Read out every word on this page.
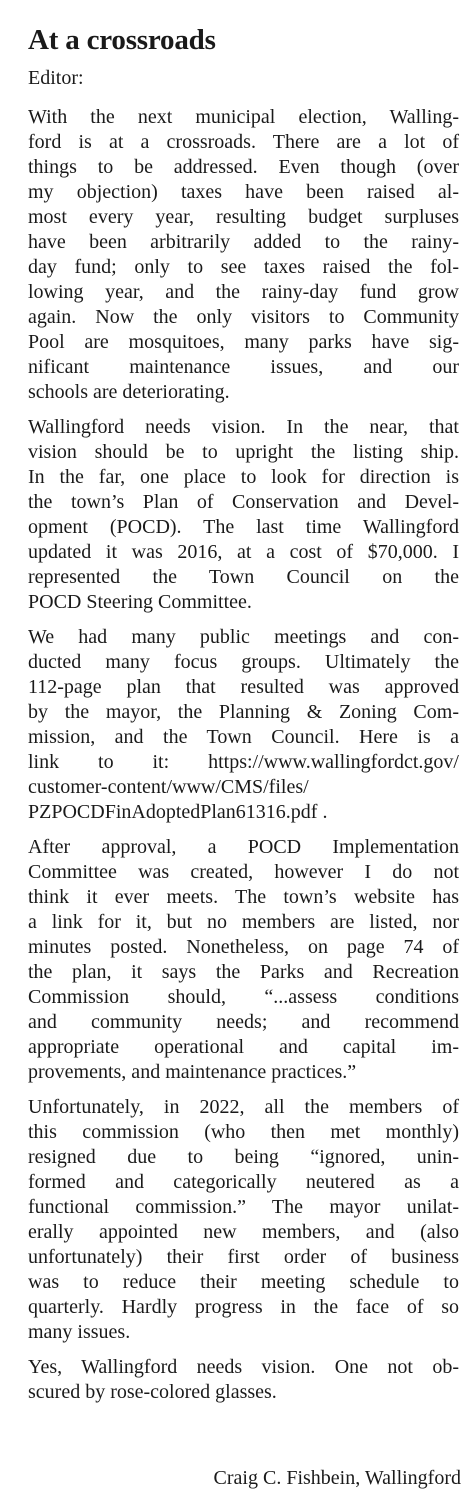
At a crossroads
Editor:
With the next municipal election, Walling-
ford is at a crossroads. There are a lot of
things to be addressed. Even though (over
my objection) taxes have been raised al-
most every year, resulting budget surpluses
have been arbitrarily added to the rainy-
day fund; only to see taxes raised the fol-
lowing year, and the rainy-day fund grow
again. Now the only visitors to Community
Pool are mosquitoes, many parks have sig-
nificant maintenance issues, and our
schools are deteriorating.
Wallingford needs vision. In the near, that
vision should be to upright the listing ship.
In the far, one place to look for direction is
the town’s Plan of Conservation and Devel-
opment (POCD). The last time Wallingford
updated it was 2016, at a cost of $70,000. I
represented the Town Council on the
POCD Steering Committee.
We had many public meetings and con-
ducted many focus groups. Ultimately the
112-page plan that resulted was approved
by the mayor, the Planning & Zoning Com-
mission, and the Town Council. Here is a
link to it: https://www.wallingfordct.gov/
customer-content/www/CMS/files/
PZPOCDFinAdoptedPlan61316.pdf .
After approval, a POCD Implementation
Committee was created, however I do not
think it ever meets. The town’s website has
a link for it, but no members are listed, nor
minutes posted. Nonetheless, on page 74 of
the plan, it says the Parks and Recreation
Commission should, “...assess conditions
and community needs; and recommend
appropriate operational and capital im-
provements, and maintenance practices.”
Unfortunately, in 2022, all the members of
this commission (who then met monthly)
resigned due to being “ignored, unin-
formed and categorically neutered as a
functional commission.” The mayor unilat-
erally appointed new members, and (also
unfortunately) their first order of business
was to reduce their meeting schedule to
quarterly. Hardly progress in the face of so
many issues.
Yes, Wallingford needs vision. One not ob-
scured by rose-colored glasses.
Craig C. Fishbein, Wallingford
